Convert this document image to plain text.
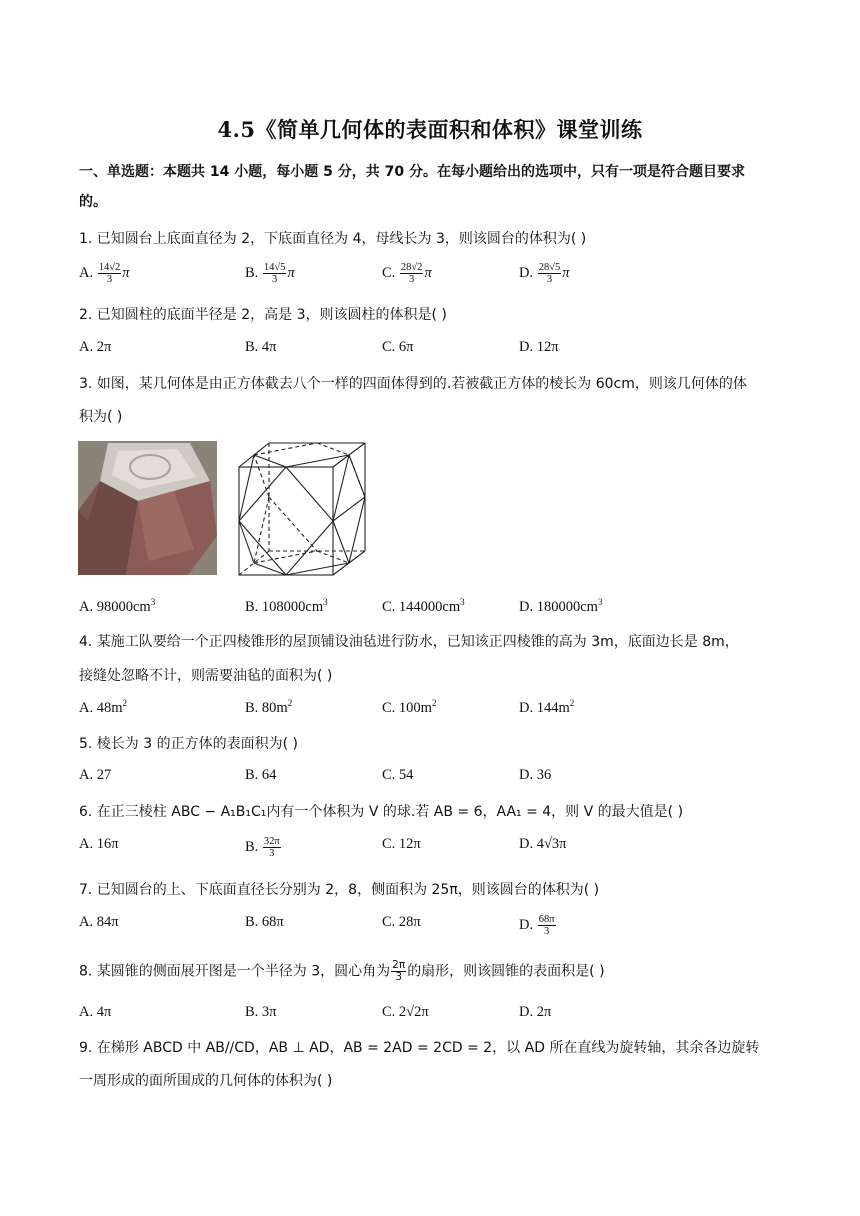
4.5《简单几何体的表面积和体积》课堂训练
一、单选题：本题共 14 小题，每小题 5 分，共 70 分。在每小题给出的选项中，只有一项是符合题目要求
的。
1. 已知圆台上底面直径为 2，下底面直径为 4，母线长为 3，则该圆台的体积为( )
A. $\frac{14√2}{3}$ π	B. $\frac{14√5}{3}$ π	C. $\frac{28√2}{3}$ π	D. $\frac{28√5}{3}$ π
2. 已知圆柱的底面半径是 2，高是 3，则该圆柱的体积是( )
A. 2π	B. 4π	C. 6π	D. 12π
3. 如图，某几何体是由正方体截去八个一样的四面体得到的.若被截正方体的棱长为 60cm，则该几何体的体
积为( )
A. $98000cm^3$	B. $108000cm^3$	C. $144000cm^3$	D. $180000cm^3$
4. 某施工队要给一个正四棱锥形的屋顶铺设油毡进行防水，已知该正四棱锥的高为 3m，底面边长是 8m，
接缝处忽略不计，则需要油毡的面积为( )
A. $48m^2$	B. $80m^2$	C. $100m^2$	D. $144m^2$
5. 棱长为 3 的正方体的表面积为( )
A. 27	B. 64	C. 54	D. 36
6. 在正三棱柱 ABC − A₁B₁C₁内有一个体积为 V 的球.若 AB = 6，AA₁ = 4，则 V 的最大值是( )
A. 16π	B. $\frac{32\pi}{3}$	C. 12π	D. 4√3π
7. 已知圆台的上、下底面直径长分别为 2，8，侧面积为 25π，则该圆台的体积为( )
A. 84π	B. 68π	C. 28π	D. $\frac{68\pi}{3}$
8. 某圆锥的侧面展开图是一个半径为 3，圆心角为 $\frac{2\pi}{3}$ 的扇形，则该圆锥的表面积是( )
A. 4π	B. 3π	C. 2√2π	D. 2π
9. 在梯形 ABCD 中 AB//CD，AB ⊥ AD，AB = 2AD = 2CD = 2，以 AD 所在直线为旋转轴，其余各边旋转
一周形成的面所围成的几何体的体积为( )
